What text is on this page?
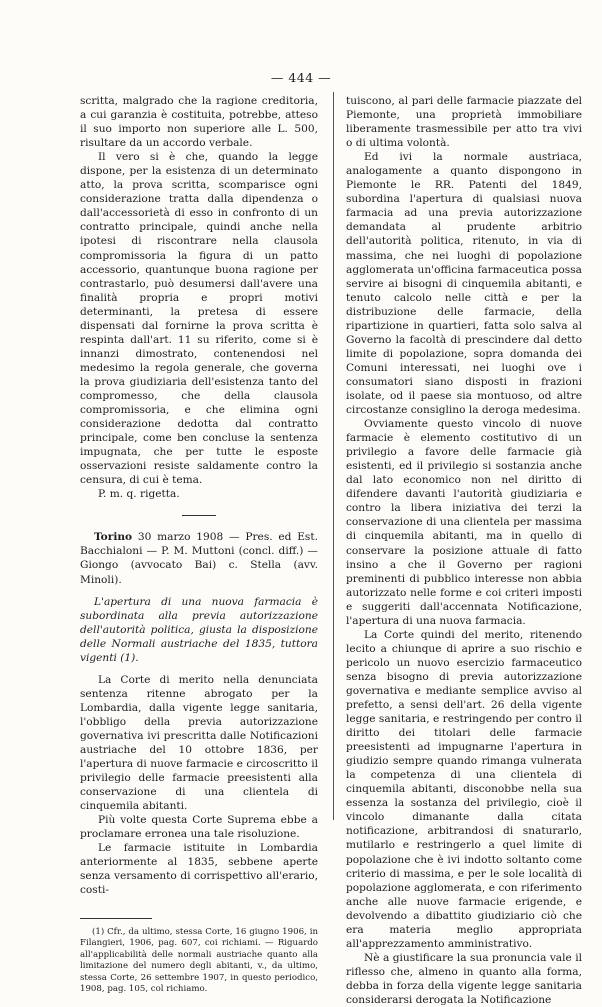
— 444 —

scritta, malgrado che la ragione creditoria, a cui garanzia è costituita, potrebbe, atteso il suo importo non superiore alle L. 500, risultare da un accordo verbale.

Il vero si è che, quando la legge dispone, per la esistenza di un determinato atto, la prova scritta, scomparisce ogni considerazione tratta dalla dipendenza o dall'accessorietà di esso in confronto di un contratto principale, quindi anche nella ipotesi di riscontrare nella clausola compromissoria la figura di un patto accessorio, quantunque buona ragione per contrastarlo, può desumersi dall'avere una finalità propria e propri motivi determinanti, la pretesa di essere dispensati dal fornirne la prova scritta è respinta dall'art. 11 su riferito, come si è innanzi dimostrato, contenendosi nel medesimo la regola generale, che governa la prova giudiziaria dell'esistenza tanto del compromesso, che della clausola compromissoria, e che elimina ogni considerazione dedotta dal contratto principale, come ben concluse la sentenza impugnata, che per tutte le esposte osservazioni resiste saldamente contro la censura, di cui è tema.

P. m. q. rigetta.

Torino 30 marzo 1908 — Pres. ed Est. Bacchialoni — P. M. Muttoni (concl. diff.) — Giongo (avvocato Bai) c. Stella (avv. Minoli).

L'apertura di una nuova farmacia è subordinata alla previa autorizzazione dell'autorità politica, giusta la disposizione delle Normali austriache del 1835, tuttora vigenti (1).

La Corte di merito nella denunciata sentenza ritenne abrogato per la Lombardia, dalla vigente legge sanitaria, l'obbligo della previa autorizzazione governativa ivi prescritta dalle Notificazioni austriache del 10 ottobre 1836, per l'apertura di nuove farmacie e circoscritto il privilegio delle farmacie preesistenti alla conservazione di una clientela di cinquemila abitanti.

Più volte questa Corte Suprema ebbe a proclamare erronea una tale risoluzione.

Le farmacie istituite in Lombardia anteriormente al 1835, sebbene aperte senza versamento di corrispettivo all'erario, costi-

(1) Cfr., da ultimo, stessa Corte, 16 giugno 1906, in Filangieri, 1906, pag. 607, coi richiami. — Riguardo all'applicabilità delle normali austriache quanto alla limitazione del numero degli abitanti, v., da ultimo, stessa Corte, 26 settembre 1907, in questo periodico, 1908, pag. 105, col richiamo.

tuiscono, al pari delle farmacie piazzate del Piemonte, una proprietà immobiliare liberamente trasmessibile per atto tra vivi o di ultima volontà.

Ed ivi la normale austriaca, analogamente a quanto dispongono in Piemonte le RR. Patenti del 1849, subordina l'apertura di qualsiasi nuova farmacia ad una previa autorizzazione demandata al prudente arbitrio dell'autorità politica, ritenuto, in via di massima, che nei luoghi di popolazione agglomerata un'officina farmaceutica possa servire ai bisogni di cinquemila abitanti, e tenuto calcolo nelle città e per la distribuzione delle farmacie, della ripartizione in quartieri, fatta solo salva al Governo la facoltà di prescindere dal detto limite di popolazione, sopra domanda dei Comuni interessati, nei luoghi ove i consumatori siano disposti in frazioni isolate, od il paese sia montuoso, od altre circostanze consiglino la deroga medesima.

Ovviamente questo vincolo di nuove farmacie è elemento costitutivo di un privilegio a favore delle farmacie già esistenti, ed il privilegio si sostanzia anche dal lato economico non nel diritto di difendere davanti l'autorità giudiziaria e contro la libera iniziativa dei terzi la conservazione di una clientela per massima di cinquemila abitanti, ma in quello di conservare la posizione attuale di fatto insino a che il Governo per ragioni preminenti di pubblico interesse non abbia autorizzato nelle forme e coi criteri imposti e suggeriti dall'accennata Notificazione, l'apertura di una nuova farmacia.

La Corte quindi del merito, ritenendo lecito a chiunque di aprire a suo rischio e pericolo un nuovo esercizio farmaceutico senza bisogno di previa autorizzazione governativa e mediante semplice avviso al prefetto, a sensi dell'art. 26 della vigente legge sanitaria, e restringendo per contro il diritto dei titolari delle farmacie preesistenti ad impugnarne l'apertura in giudizio sempre quando rimanga vulnerata la competenza di una clientela di cinquemila abitanti, disconobbe nella sua essenza la sostanza del privilegio, cioè il vincolo dimanante dalla citata notificazione, arbitrandosi di snaturarlo, mutilarlo e restringerlo a quel limite di popolazione che è ivi indotto soltanto come criterio di massima, e per le sole località di popolazione agglomerata, e con riferimento anche alle nuove farmacie erigende, e devolvendo a dibattito giudiziario ciò che era materia meglio appropriata all'apprezzamento amministrativo.

Nè a giustificare la sua pronuncia vale il riflesso che, almeno in quanto alla forma, debba in forza della vigente legge sanitaria considerarsi derogata la Notificazione
